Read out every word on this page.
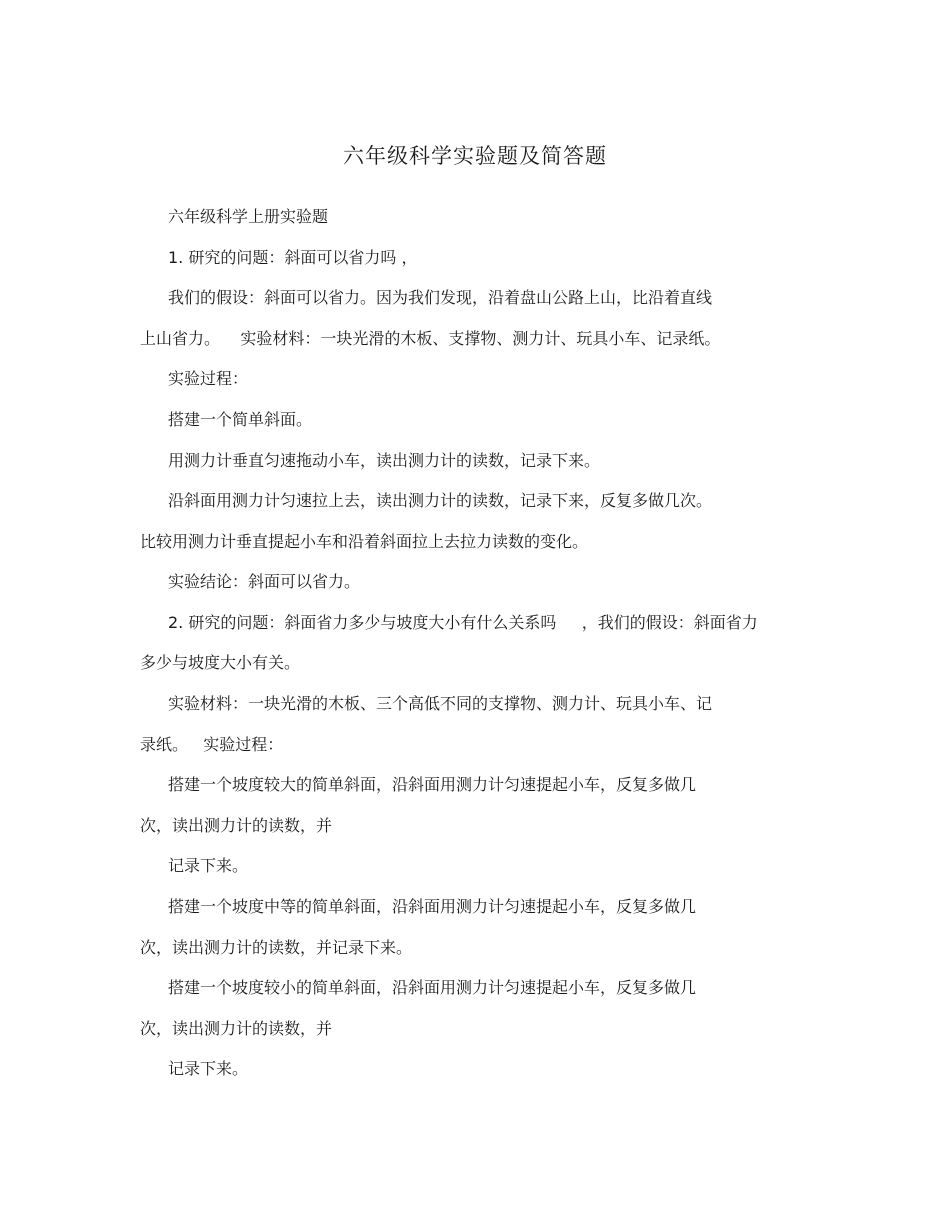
六年级科学实验题及简答题
六年级科学上册实验题
1. 研究的问题：斜面可以省力吗 ，
我们的假设：斜面可以省力。因为我们发现，沿着盘山公路上山，比沿着直线
上山省力。    实验材料：一块光滑的木板、支撑物、测力计、玩具小车、记录纸。
实验过程：
搭建一个简单斜面。
用测力计垂直匀速拖动小车，读出测力计的读数，记录下来。
沿斜面用测力计匀速拉上去，读出测力计的读数，记录下来，反复多做几次。
比较用测力计垂直提起小车和沿着斜面拉上去拉力读数的变化。
实验结论：斜面可以省力。
2. 研究的问题：斜面省力多少与坡度大小有什么关系吗     ，我们的假设：斜面省力
多少与坡度大小有关。
实验材料：一块光滑的木板、三个高低不同的支撑物、测力计、玩具小车、记
录纸。   实验过程：
搭建一个坡度较大的简单斜面，沿斜面用测力计匀速提起小车，反复多做几
次，读出测力计的读数，并
记录下来。
搭建一个坡度中等的简单斜面，沿斜面用测力计匀速提起小车，反复多做几
次，读出测力计的读数，并记录下来。
搭建一个坡度较小的简单斜面，沿斜面用测力计匀速提起小车，反复多做几
次，读出测力计的读数，并
记录下来。
